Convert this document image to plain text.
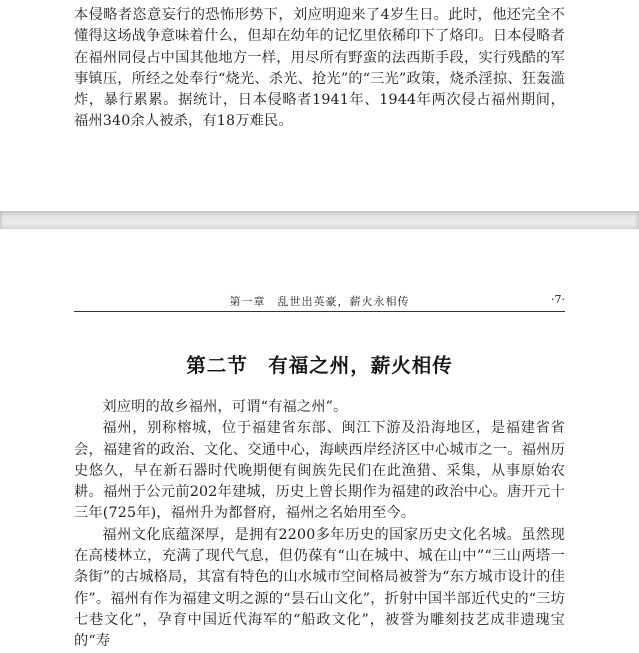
本侵略者恣意妄行的恐怖形势下，刘应明迎来了4岁生日。此时，他还完全不懂得这场战争意味着什么，但却在幼年的记忆里依稀印下了烙印。日本侵略者在福州同侵占中国其他地方一样，用尽所有野蛮的法西斯手段，实行残酷的军事镇压，所经之处奉行“烧光、杀光、抢光”的“三光”政策，烧杀淫掠、狂轰滥炸，暴行累累。据统计，日本侵略者1941年、1944年两次侵占福州期间，福州340余人被杀，有18万难民。

第一章　乱世出英豪，薪火永相传	·7·
第二节　有福之州，薪火相传

刘应明的故乡福州，可谓“有福之州”。

福州，别称榕城，位于福建省东部、闽江下游及沿海地区，是福建省省会，福建省的政治、文化、交通中心，海峡西岸经济区中心城市之一。福州历史悠久，早在新石器时代晚期便有闽族先民们在此渔猎、采集，从事原始农耕。福州于公元前202年建城，历史上曾长期作为福建的政治中心。唐开元十三年(725年)，福州升为都督府，福州之名始用至今。

福州文化底蕴深厚，是拥有2200多年历史的国家历史文化名城。虽然现在高楼林立，充满了现代气息，但仍葆有“山在城中、城在山中”“三山两塔一条街”的古城格局，其富有特色的山水城市空间格局被誉为“东方城市设计的佳作”。福州有作为福建文明之源的“昙石山文化”，折射中国半部近代史的“三坊七巷文化”，孕育中国近代海军的“船政文化”，被誉为雕刻技艺成非遗瑰宝的“寿
